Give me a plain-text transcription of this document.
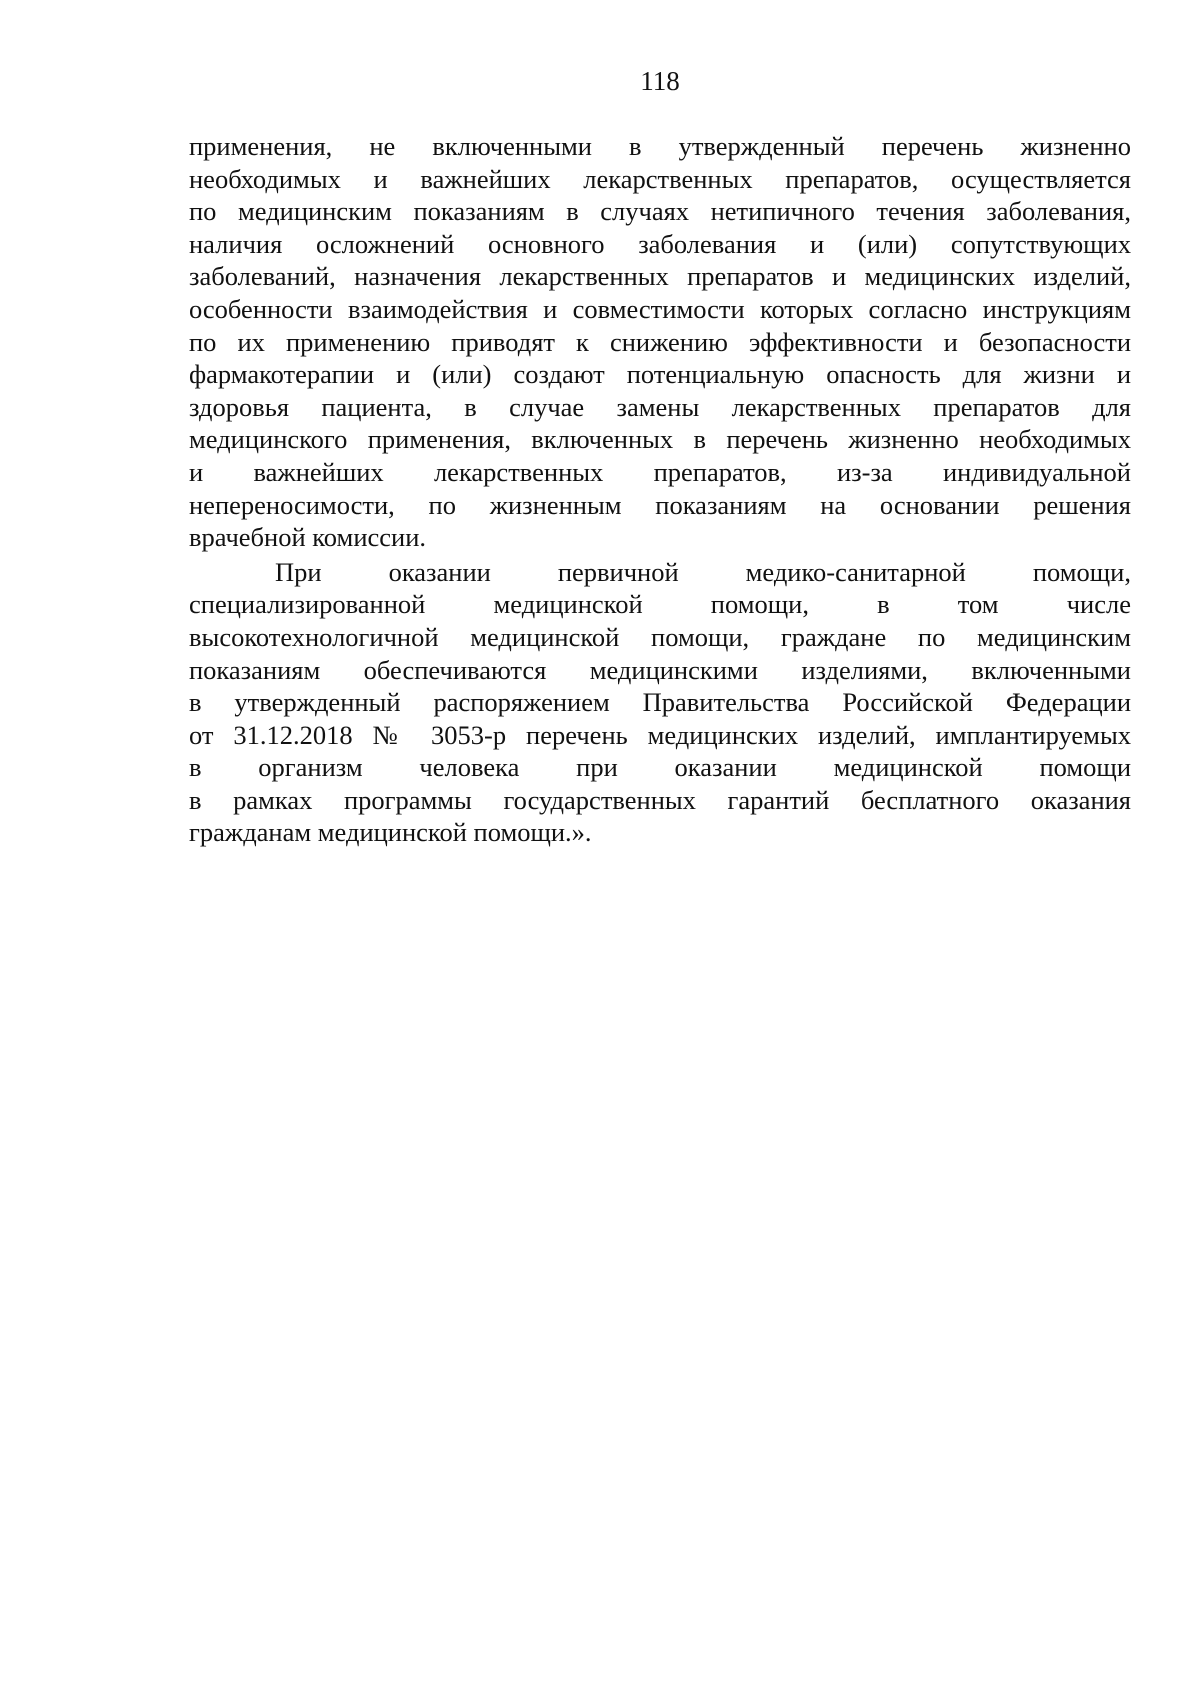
118
применения, не включенными в утвержденный перечень жизненно
необходимых и важнейших лекарственных препаратов, осуществляется
по медицинским показаниям в случаях нетипичного течения заболевания,
наличия осложнений основного заболевания и (или) сопутствующих
заболеваний, назначения лекарственных препаратов и медицинских изделий,
особенности взаимодействия и совместимости которых согласно инструкциям
по их применению приводят к снижению эффективности и безопасности
фармакотерапии и (или) создают потенциальную опасность для жизни и
здоровья пациента, в случае замены лекарственных препаратов для
медицинского применения, включенных в перечень жизненно необходимых
и важнейших лекарственных препаратов, из-за индивидуальной
непереносимости, по жизненным показаниям на основании решения
врачебной комиссии.
При оказании первичной медико-санитарной помощи,
специализированной медицинской помощи, в том числе
высокотехнологичной медицинской помощи, граждане по медицинским
показаниям обеспечиваются медицинскими изделиями, включенными
в утвержденный распоряжением Правительства Российской Федерации
от 31.12.2018 № 3053-р перечень медицинских изделий, имплантируемых
в организм человека при оказании медицинской помощи
в рамках программы государственных гарантий бесплатного оказания
гражданам медицинской помощи.».
